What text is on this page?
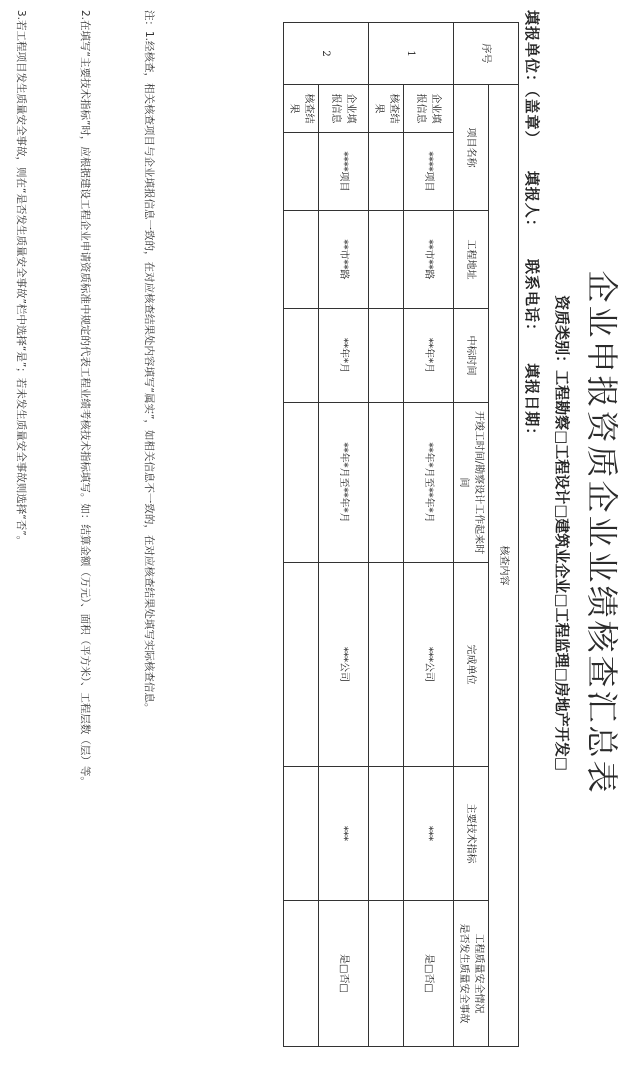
企业申报资质企业业绩核查汇总表
资质类别：工程勘察□工程设计□建筑业企业□工程监理□房地产开发□
填报单位：（盖章） 填报人： 联系电话： 填报日期：
序号	核查内容							
	项目名称		工程地址	中标时间	开竣工时间/勘察设计工作起来时间	完成单位	主要技术指标	工程质量安全情况
是否发生质量安全事故

1	企业填报信息	****项目	**市**路	**年*月	**年*月至**年*月	***公司	***	是□否□
	核查结果							
2	企业填报信息	****项目	**市**路	**年*月	**年*月至**年*月	***公司	***	是□否□
	核查结果							
注：1.经核查，相关核查项目与企业填报信息一致的，在对应核查结果处内容填写“属实”，如相关信息不一致的，在对应核查结果处填写实际核查信息。
2.在填写“主要技术指标”时，应根据建设工程企业申请资质标准中规定的代表工程业绩考核技术指标填写。如：结算金额（万元）、面积（平方米）、工程层数（层）等。
3.若工程项目发生质量安全事故，则在“是否发生质量安全事故”栏中选择“是”；若未发生质量安全事故则选择“否”。
